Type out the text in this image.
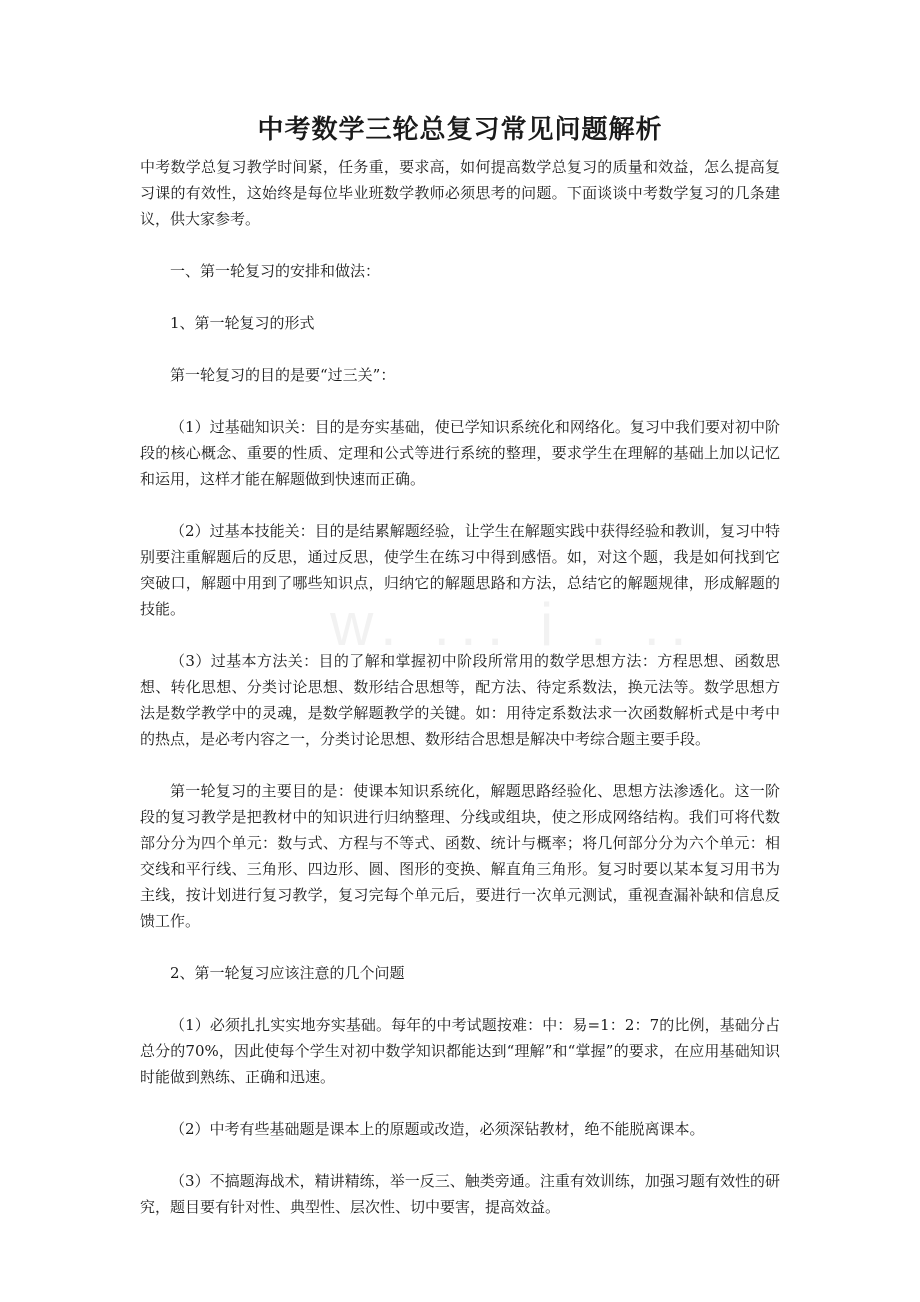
w. ... i . ..
中考数学三轮总复习常见问题解析

中考数学总复习教学时间紧，任务重，要求高，如何提高数学总复习的质量和效益，怎么提高复习课的有效性，这始终是每位毕业班数学教师必须思考的问题。下面谈谈中考数学复习的几条建议，供大家参考。

一、第一轮复习的安排和做法：

1、第一轮复习的形式

第一轮复习的目的是要“过三关”：

（1）过基础知识关：目的是夯实基础，使已学知识系统化和网络化。复习中我们要对初中阶段的核心概念、重要的性质、定理和公式等进行系统的整理，要求学生在理解的基础上加以记忆和运用，这样才能在解题做到快速而正确。

（2）过基本技能关：目的是结累解题经验，让学生在解题实践中获得经验和教训，复习中特别要注重解题后的反思，通过反思，使学生在练习中得到感悟。如，对这个题，我是如何找到它突破口，解题中用到了哪些知识点，归纳它的解题思路和方法，总结它的解题规律，形成解题的技能。

（3）过基本方法关：目的了解和掌握初中阶段所常用的数学思想方法：方程思想、函数思想、转化思想、分类讨论思想、数形结合思想等，配方法、待定系数法，换元法等。数学思想方法是数学教学中的灵魂，是数学解题教学的关键。如：用待定系数法求一次函数解析式是中考中的热点，是必考内容之一，分类讨论思想、数形结合思想是解决中考综合题主要手段。

第一轮复习的主要目的是：使课本知识系统化，解题思路经验化、思想方法渗透化。这一阶段的复习教学是把教材中的知识进行归纳整理、分线或组块，使之形成网络结构。我们可将代数部分分为四个单元：数与式、方程与不等式、函数、统计与概率；将几何部分分为六个单元：相交线和平行线、三角形、四边形、圆、图形的变换、解直角三角形。复习时要以某本复习用书为主线，按计划进行复习教学，复习完每个单元后，要进行一次单元测试，重视查漏补缺和信息反馈工作。

2、第一轮复习应该注意的几个问题

（1）必须扎扎实实地夯实基础。每年的中考试题按难：中：易=1：2：7的比例，基础分占总分的70%，因此使每个学生对初中数学知识都能达到“理解”和“掌握”的要求，在应用基础知识时能做到熟练、正确和迅速。

（2）中考有些基础题是课本上的原题或改造，必须深钻教材，绝不能脱离课本。

（3）不搞题海战术，精讲精练，举一反三、触类旁通。注重有效训练，加强习题有效性的研究，题目要有针对性、典型性、层次性、切中要害，提高效益。
